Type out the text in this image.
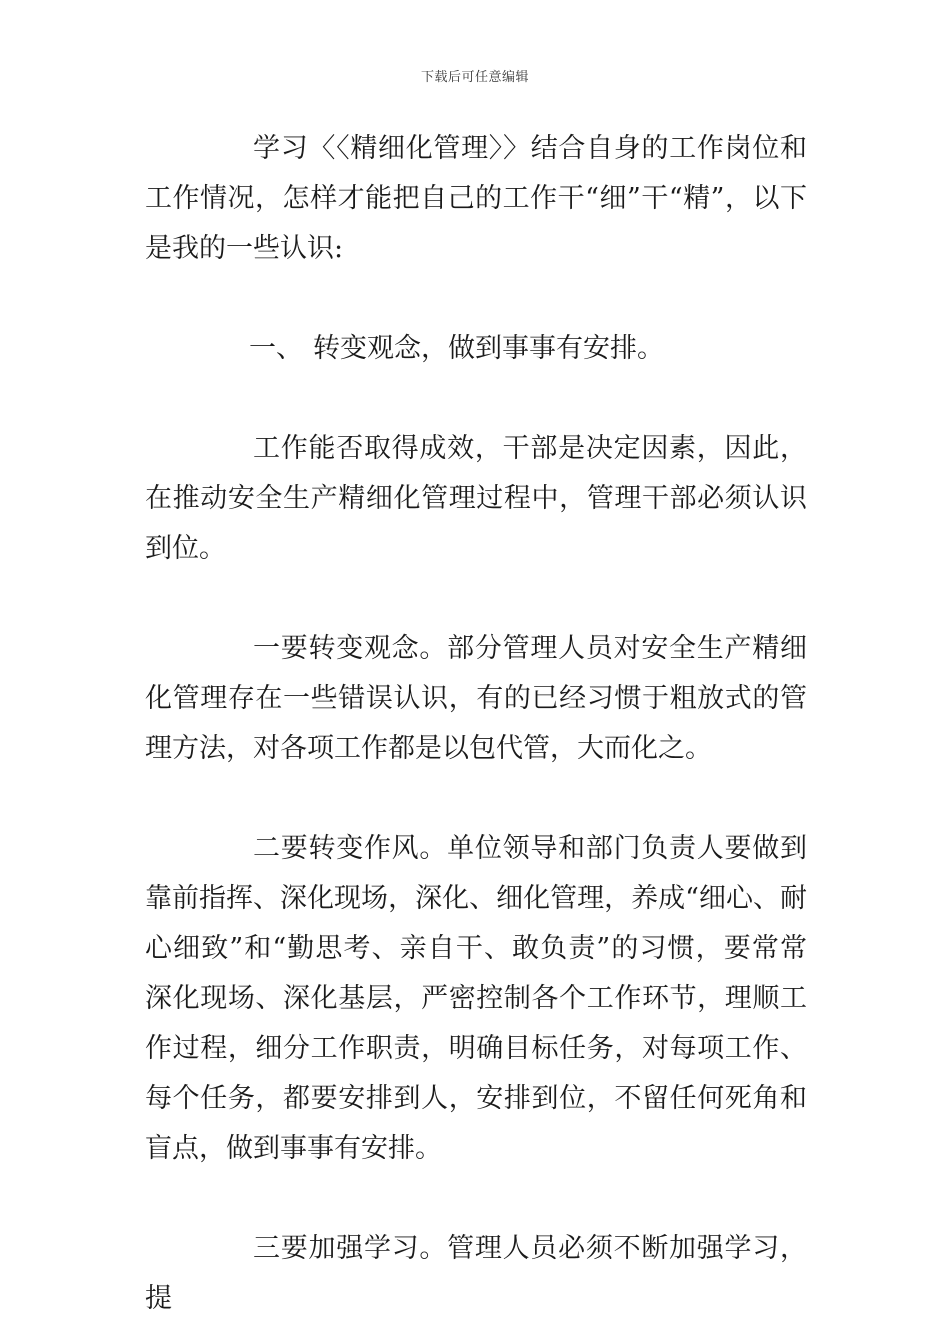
下载后可任意编辑

学习〈〈精细化管理〉〉结合自身的工作岗位和工作情况，怎样才能把自己的工作干“细”干“精”，以下是我的一些认识:

一、 转变观念，做到事事有安排。

工作能否取得成效，干部是决定因素，因此，在推动安全生产精细化管理过程中，管理干部必须认识到位。

一要转变观念。部分管理人员对安全生产精细化管理存在一些错误认识，有的已经习惯于粗放式的管理方法，对各项工作都是以包代管，大而化之。

二要转变作风。单位领导和部门负责人要做到靠前指挥、深化现场，深化、细化管理，养成“细心、耐心细致”和“勤思考、亲自干、敢负责”的习惯，要常常深化现场、深化基层，严密控制各个工作环节，理顺工作过程，细分工作职责，明确目标任务，对每项工作、每个任务，都要安排到人，安排到位，不留任何死角和盲点，做到事事有安排。

三要加强学习。管理人员必须不断加强学习，提
